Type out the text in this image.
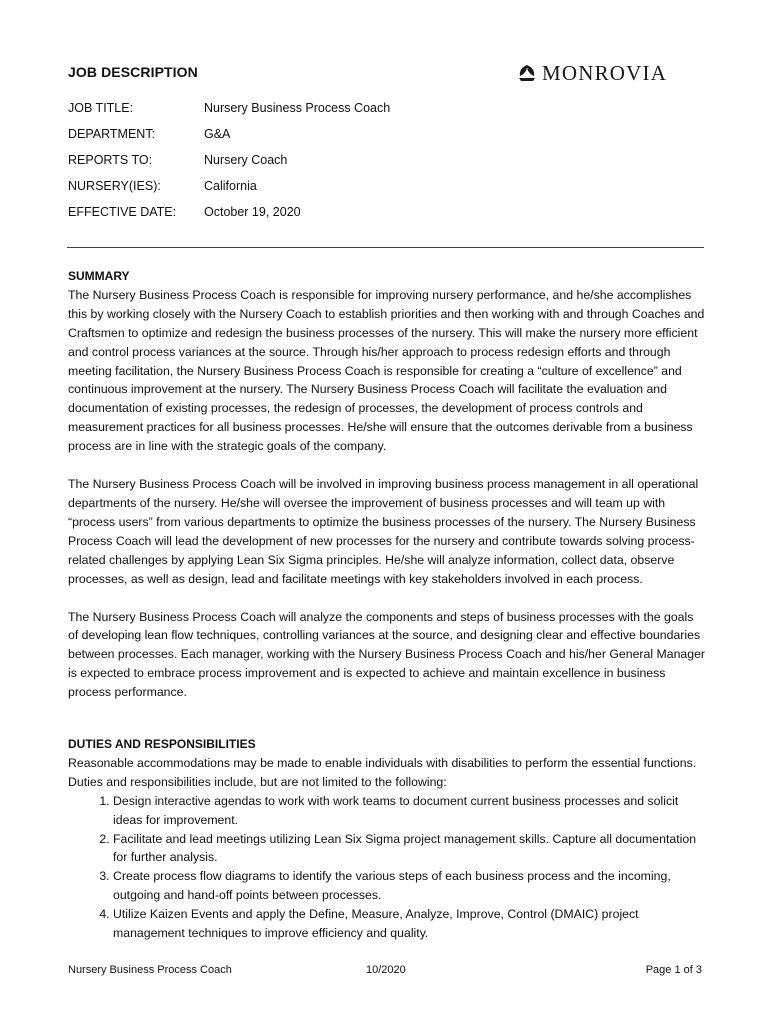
JOB DESCRIPTION	MONROVIA
JOB TITLE:	Nursery Business Process Coach
DEPARTMENT:	G&A
REPORTS TO:	Nursery Coach
NURSERY(IES):	California
EFFECTIVE DATE: October 19, 2020

SUMMARY

The Nursery Business Process Coach is responsible for improving nursery performance, and he/she accomplishes this by working closely with the Nursery Coach to establish priorities and then working with and through Coaches and Craftsmen to optimize and redesign the business processes of the nursery. This will make the nursery more efficient and control process variances at the source. Through his/her approach to process redesign efforts and through meeting facilitation, the Nursery Business Process Coach is responsible for creating a “culture of excellence” and continuous improvement at the nursery. The Nursery Business Process Coach will facilitate the evaluation and documentation of existing processes, the redesign of processes, the development of process controls and measurement practices for all business processes. He/she will ensure that the outcomes derivable from a business process are in line with the strategic goals of the company.

The Nursery Business Process Coach will be involved in improving business process management in all operational departments of the nursery. He/she will oversee the improvement of business processes and will team up with “process users” from various departments to optimize the business processes of the nursery. The Nursery Business Process Coach will lead the development of new processes for the nursery and contribute towards solving process-related challenges by applying Lean Six Sigma principles. He/she will analyze information, collect data, observe processes, as well as design, lead and facilitate meetings with key stakeholders involved in each process.

The Nursery Business Process Coach will analyze the components and steps of business processes with the goals of developing lean flow techniques, controlling variances at the source, and designing clear and effective boundaries between processes. Each manager, working with the Nursery Business Process Coach and his/her General Manager is expected to embrace process improvement and is expected to achieve and maintain excellence in business process performance.

DUTIES AND RESPONSIBILITIES

Reasonable accommodations may be made to enable individuals with disabilities to perform the essential functions. Duties and responsibilities include, but are not limited to the following:

1. Design interactive agendas to work with work teams to document current business processes and solicit ideas for improvement.
2. Facilitate and lead meetings utilizing Lean Six Sigma project management skills. Capture all documentation for further analysis.
3. Create process flow diagrams to identify the various steps of each business process and the incoming, outgoing and hand-off points between processes.
4. Utilize Kaizen Events and apply the Define, Measure, Analyze, Improve, Control (DMAIC) project management techniques to improve efficiency and quality.
Nursery Business Process Coach	10/2020	Page 1 of 3
